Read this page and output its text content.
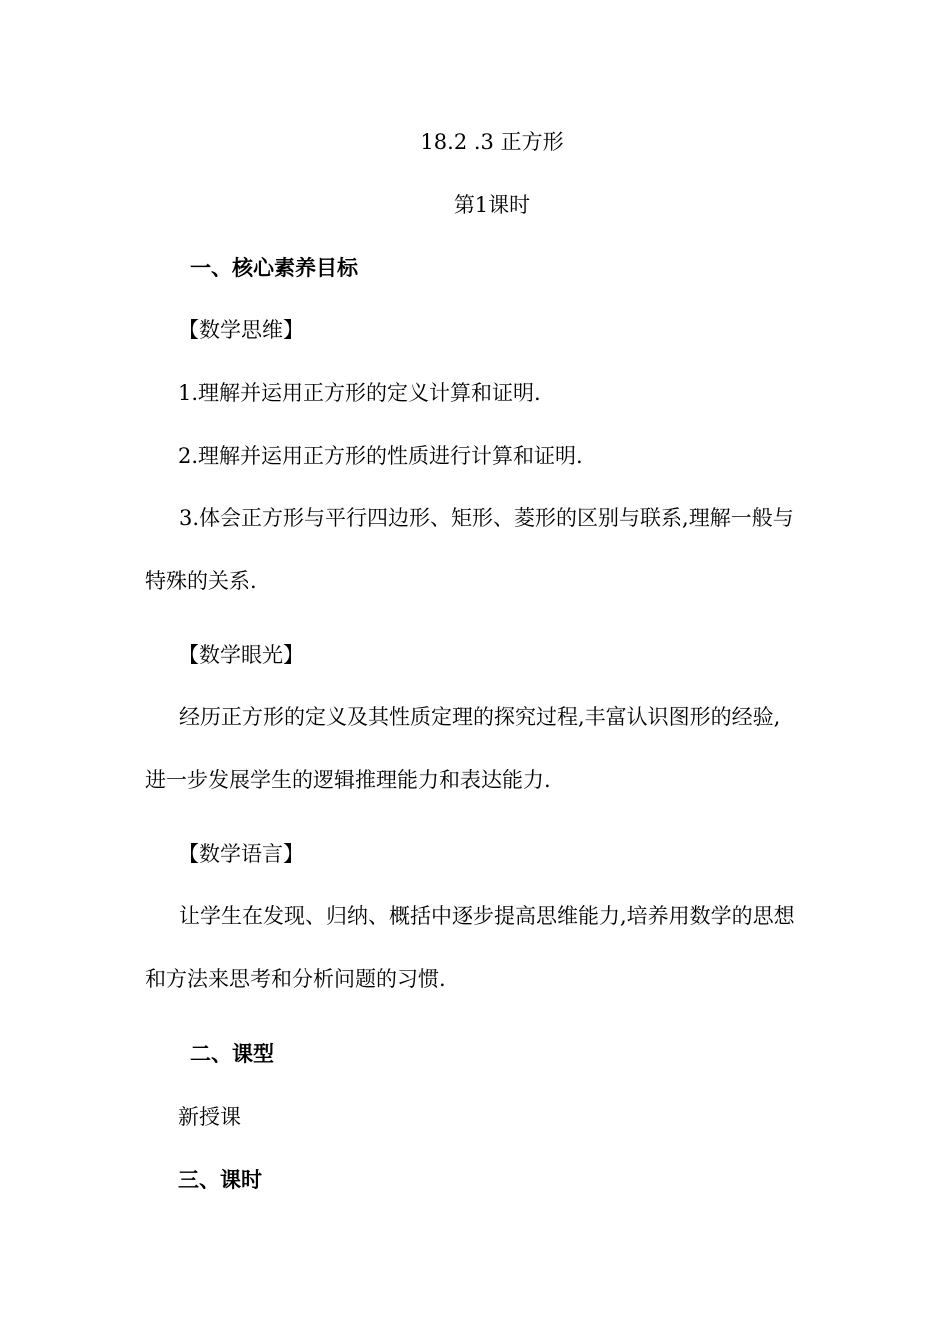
18.2 .3 正方形
第1课时
一、核心素养目标
【数学思维】
1.理解并运用正方形的定义计算和证明.
2.理解并运用正方形的性质进行计算和证明.
3.体会正方形与平行四边形、矩形、菱形的区别与联系,理解一般与特殊的关系.
【数学眼光】
经历正方形的定义及其性质定理的探究过程,丰富认识图形的经验,进一步发展学生的逻辑推理能力和表达能力.
【数学语言】
让学生在发现、归纳、概括中逐步提高思维能力,培养用数学的思想和方法来思考和分析问题的习惯.
二、课型
新授课
三、课时
